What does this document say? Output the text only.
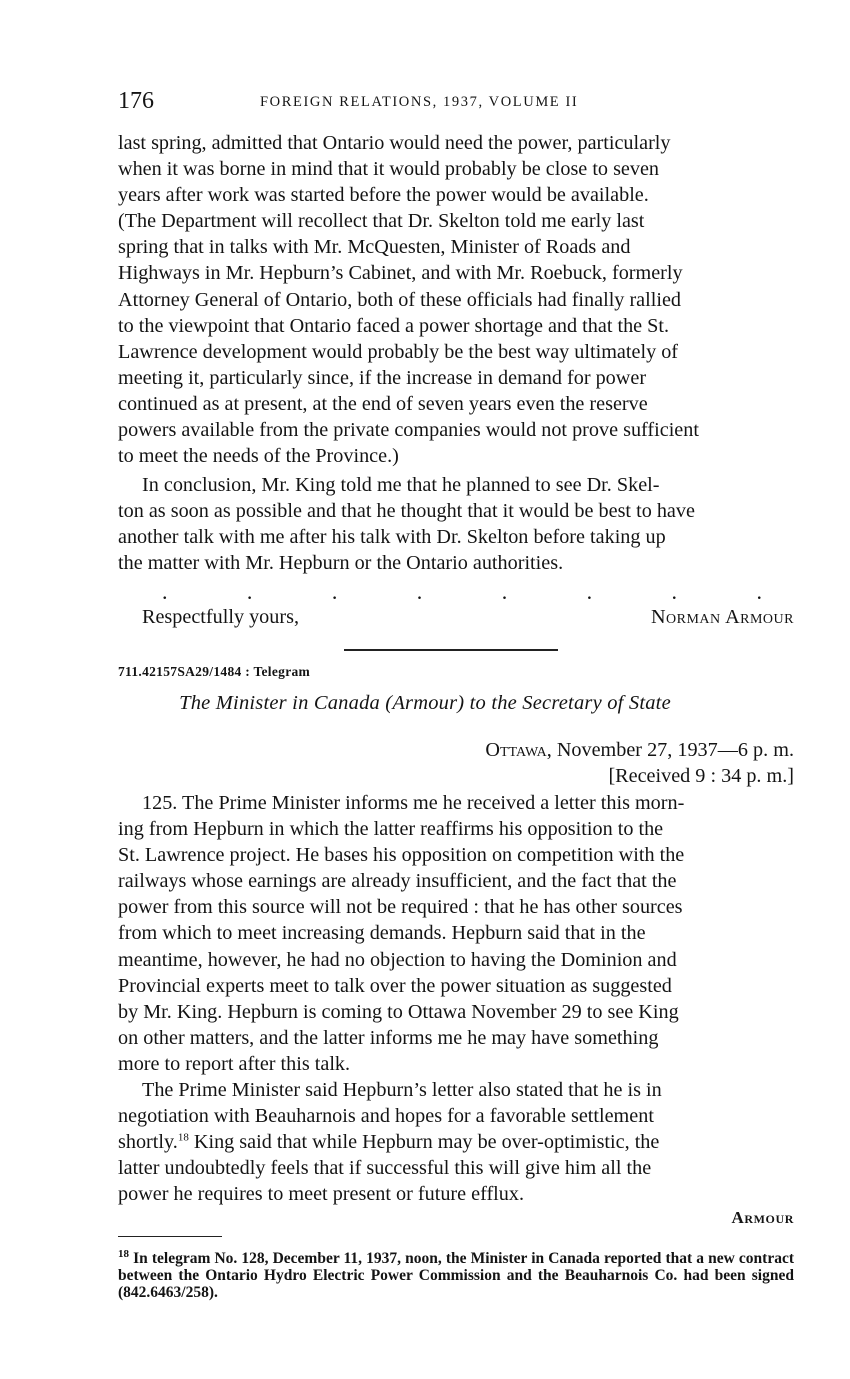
176	FOREIGN RELATIONS, 1937, VOLUME II

last spring, admitted that Ontario would need the power, particularly
when it was borne in mind that it would probably be close to seven
years after work was started before the power would be available.
(The Department will recollect that Dr. Skelton told me early last
spring that in talks with Mr. McQuesten, Minister of Roads and
Highways in Mr. Hepburn’s Cabinet, and with Mr. Roebuck, formerly
Attorney General of Ontario, both of these officials had finally rallied
to the viewpoint that Ontario faced a power shortage and that the St.
Lawrence development would probably be the best way ultimately of
meeting it, particularly since, if the increase in demand for power
continued as at present, at the end of seven years even the reserve
powers available from the private companies would not prove sufficient
to meet the needs of the Province.)

In conclusion, Mr. King told me that he planned to see Dr. Skel-
ton as soon as possible and that he thought that it would be best to have
another talk with me after his talk with Dr. Skelton before taking up
the matter with Mr. Hepburn or the Ontario authorities.

.	.	.	.	.	.	.	.
Respectfully yours,	Norman Armour
711.42157SA29/1484 : Telegram
The Minister in Canada (Armour) to the Secretary of State
Ottawa, November 27, 1937—6 p. m.
[Received 9 : 34 p. m.]

125. The Prime Minister informs me he received a letter this morn-
ing from Hepburn in which the latter reaffirms his opposition to the
St. Lawrence project. He bases his opposition on competition with the
railways whose earnings are already insufficient, and the fact that the
power from this source will not be required : that he has other sources
from which to meet increasing demands. Hepburn said that in the
meantime, however, he had no objection to having the Dominion and
Provincial experts meet to talk over the power situation as suggested
by Mr. King. Hepburn is coming to Ottawa November 29 to see King
on other matters, and the latter informs me he may have something
more to report after this talk.

The Prime Minister said Hepburn’s letter also stated that he is in
negotiation with Beauharnois and hopes for a favorable settlement
shortly.$^{18}$ King said that while Hepburn may be over-optimistic, the
latter undoubtedly feels that if successful this will give him all the
power he requires to meet present or future efflux.

Armour

$^{18}$ In telegram No. 128, December 11, 1937, noon, the Minister in Canada reported that a new contract between the Ontario Hydro Electric Power Commission and the Beauharnois Co. had been signed (842.6463/258).
